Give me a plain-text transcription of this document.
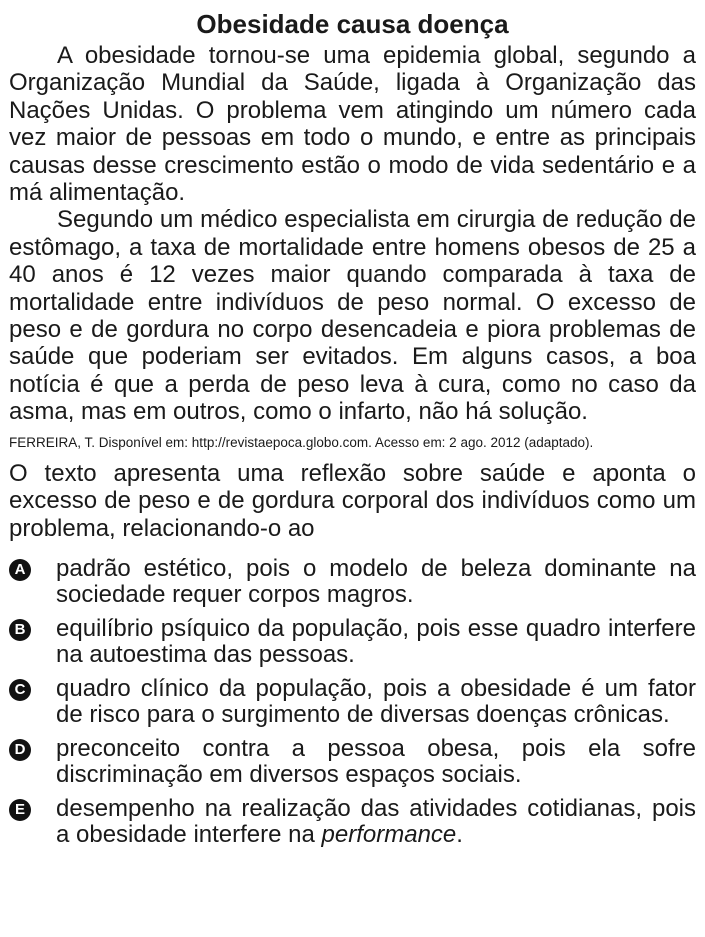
Obesidade causa doença

A obesidade tornou-se uma epidemia global, segundo a Organização Mundial da Saúde, ligada à Organização das Nações Unidas. O problema vem atingindo um número cada vez maior de pessoas em todo o mundo, e entre as principais causas desse crescimento estão o modo de vida sedentário e a má alimentação.

Segundo um médico especialista em cirurgia de redução de estômago, a taxa de mortalidade entre homens obesos de 25 a 40 anos é 12 vezes maior quando comparada à taxa de mortalidade entre indivíduos de peso normal. O excesso de peso e de gordura no corpo desencadeia e piora problemas de saúde que poderiam ser evitados. Em alguns casos, a boa notícia é que a perda de peso leva à cura, como no caso da asma, mas em outros, como o infarto, não há solução.

FERREIRA, T. Disponível em: http://revistaepoca.globo.com. Acesso em: 2 ago. 2012 (adaptado).

O texto apresenta uma reflexão sobre saúde e aponta o excesso de peso e de gordura corporal dos indivíduos como um problema, relacionando-o ao

A padrão estético, pois o modelo de beleza dominante na sociedade requer corpos magros.
B equilíbrio psíquico da população, pois esse quadro interfere na autoestima das pessoas.
C quadro clínico da população, pois a obesidade é um fator de risco para o surgimento de diversas doenças crônicas.
D preconceito contra a pessoa obesa, pois ela sofre discriminação em diversos espaços sociais.
E desempenho na realização das atividades cotidianas, pois a obesidade interfere na performance.
